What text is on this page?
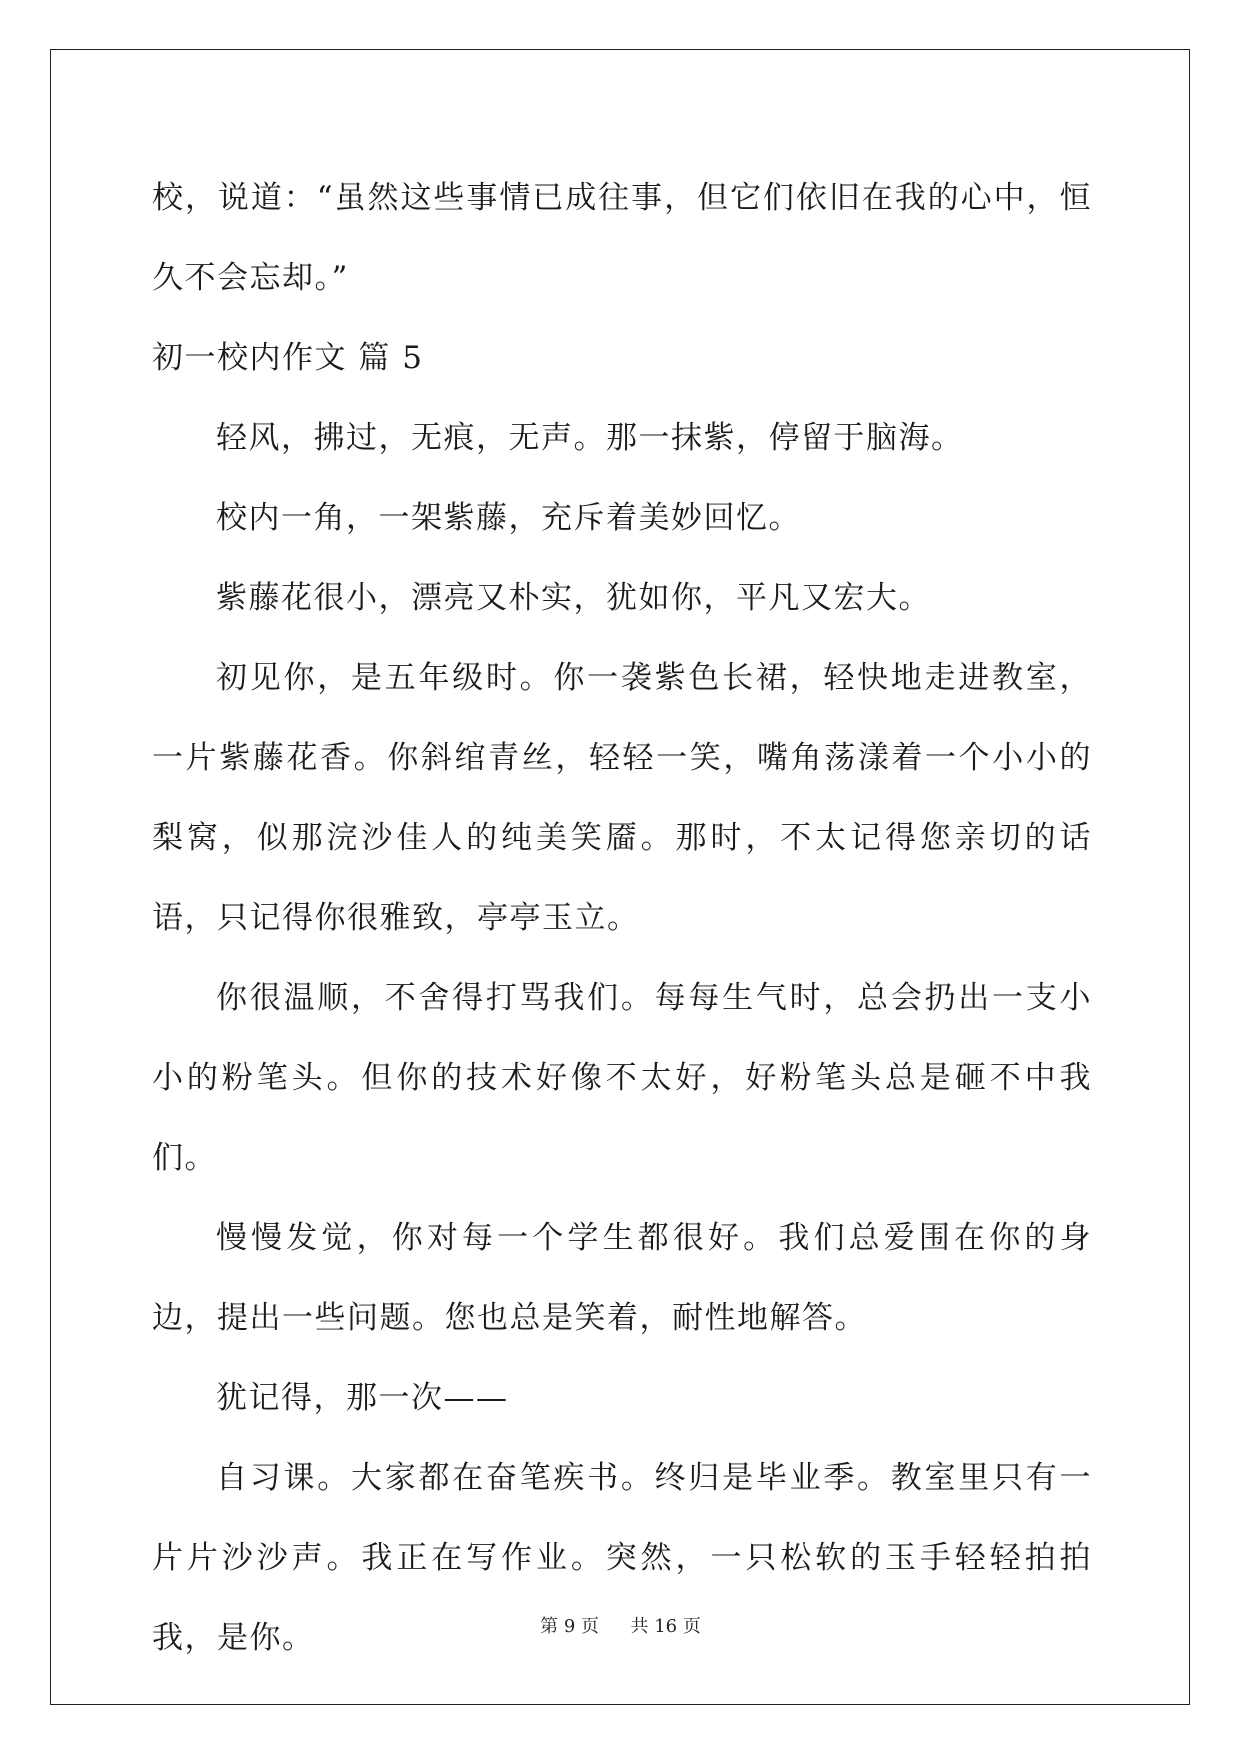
校，说道：“虽然这些事情已成往事，但它们依旧在我的心中，恒久不会忘却。”

初一校内作文 篇 5

轻风，拂过，无痕，无声。那一抹紫，停留于脑海。

校内一角，一架紫藤，充斥着美妙回忆。

紫藤花很小，漂亮又朴实，犹如你，平凡又宏大。

初见你，是五年级时。你一袭紫色长裙，轻快地走进教室，一片紫藤花香。你斜绾青丝，轻轻一笑，嘴角荡漾着一个小小的梨窝，似那浣沙佳人的纯美笑靥。那时，不太记得您亲切的话语，只记得你很雅致，亭亭玉立。

你很温顺，不舍得打骂我们。每每生气时，总会扔出一支小小的粉笔头。但你的技术好像不太好，好粉笔头总是砸不中我们。

慢慢发觉，你对每一个学生都很好。我们总爱围在你的身边，提出一些问题。您也总是笑着，耐性地解答。

犹记得，那一次——

自习课。大家都在奋笔疾书。终归是毕业季。教室里只有一片片沙沙声。我正在写作业。突然，一只松软的玉手轻轻拍拍我，是你。	第 9 页 共 16 页
